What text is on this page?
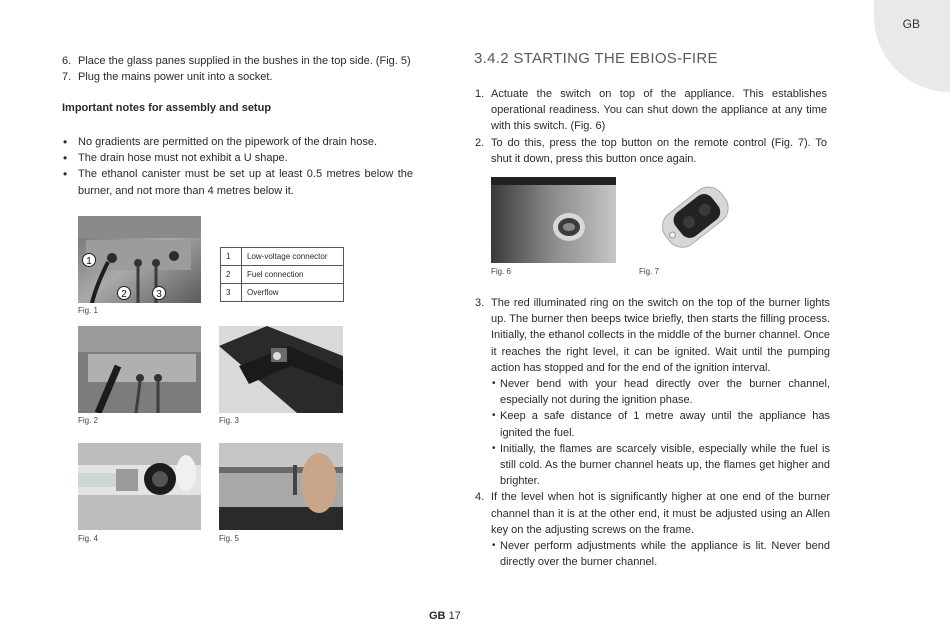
GB
6. Place the glass panes supplied in the bushes in the top side. (Fig. 5)
7. Plug the mains power unit into a socket.
Important notes for assembly and setup
• No gradients are permitted on the pipework of the drain hose.
• The drain hose must not exhibit a U shape.
• The ethanol canister must be set up at least 0.5 metres below the burner, and not more than 4 metres below it.
1
2	3
Fig. 1
1	Low-voltage connector
2	Fuel connection
3	Overflow
Fig. 2	Fig. 3
Fig. 4	Fig. 5
3.4.2 STARTING THE EBIOS-FIRE
1. Actuate the switch on top of the appliance. This establishes operational readiness. You can shut down the appliance at any time with this switch. (Fig. 6)
2. To do this, press the top button on the remote control (Fig. 7). To shut it down, press this button once again.
Fig. 6	Fig. 7
3. The red illuminated ring on the switch on the top of the burner lights up. The burner then beeps twice briefly, then starts the filling process. Initially, the ethanol collects in the middle of the burner channel. Once it reaches the right level, it can be ignited. Wait until the pumping action has stopped and for the end of the ignition interval.
• Never bend with your head directly over the burner channel, especially not during the ignition phase.
• Keep a safe distance of 1 metre away until the appliance has ignited the fuel.
• Initially, the flames are scarcely visible, especially while the fuel is still cold. As the burner channel heats up, the flames get higher and brighter.
4. If the level when hot is significantly higher at one end of the burner channel than it is at the other end, it must be adjusted using an Allen key on the adjusting screws on the frame.
• Never perform adjustments while the appliance is lit. Never bend directly over the burner channel.
GB 17
